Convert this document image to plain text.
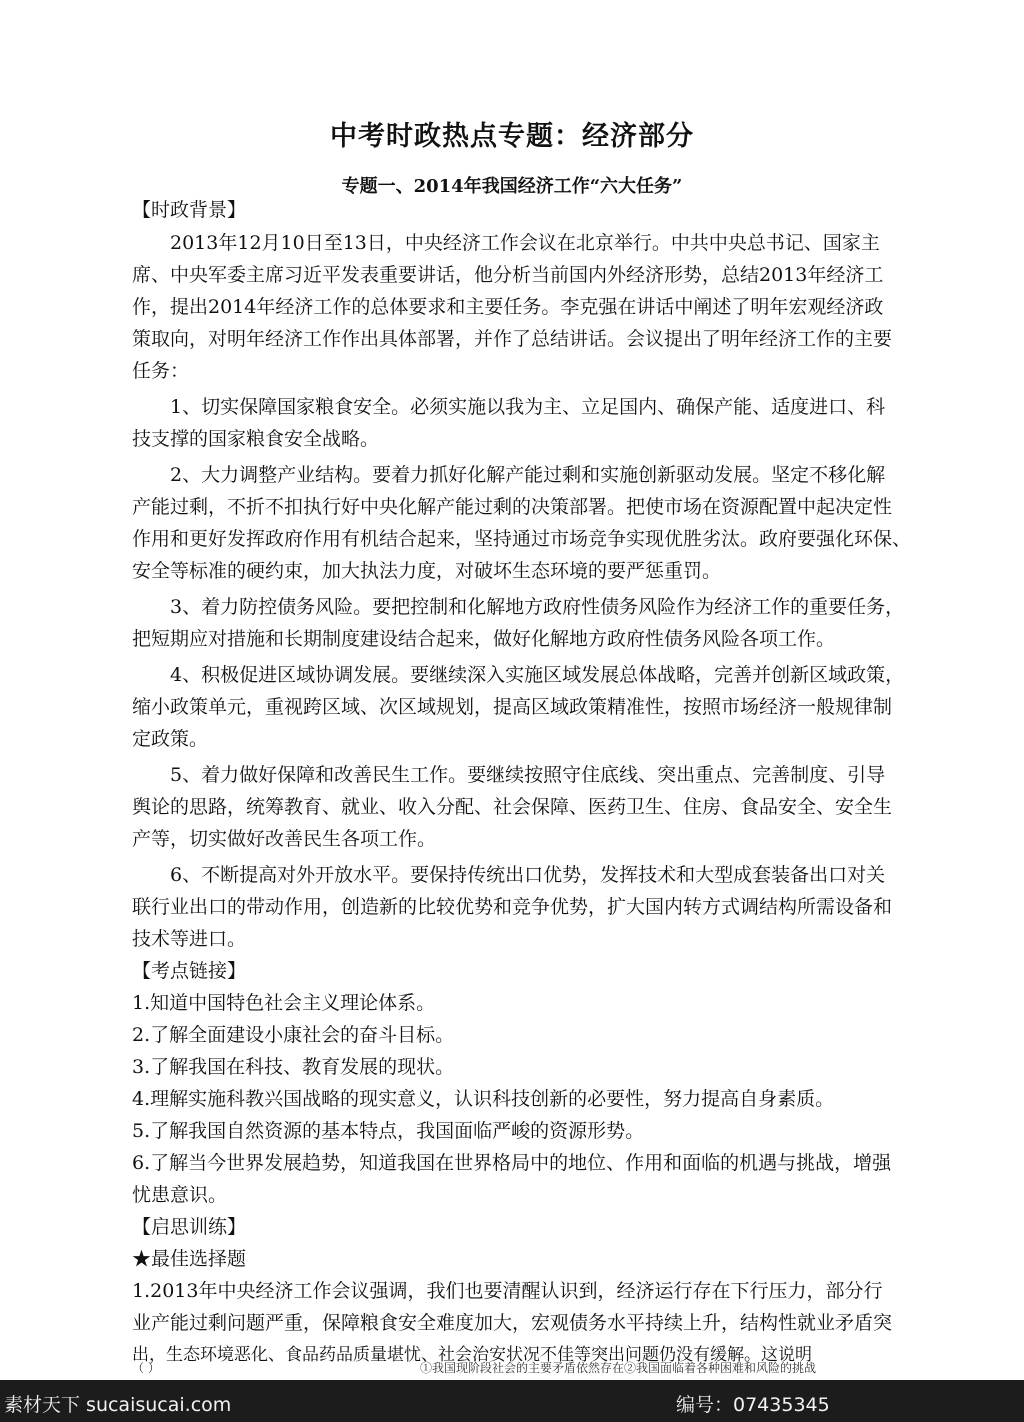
中考时政热点专题：经济部分
专题一、2014年我国经济工作“六大任务”
【时政背景】
2013年12月10日至13日，中央经济工作会议在北京举行。中共中央总书记、国家主
席、中央军委主席习近平发表重要讲话，他分析当前国内外经济形势，总结2013年经济工
作，提出2014年经济工作的总体要求和主要任务。李克强在讲话中阐述了明年宏观经济政
策取向，对明年经济工作作出具体部署，并作了总结讲话。会议提出了明年经济工作的主要
任务：
1、切实保障国家粮食安全。必须实施以我为主、立足国内、确保产能、适度进口、科
技支撑的国家粮食安全战略。
2、大力调整产业结构。要着力抓好化解产能过剩和实施创新驱动发展。坚定不移化解
产能过剩，不折不扣执行好中央化解产能过剩的决策部署。把使市场在资源配置中起决定性
作用和更好发挥政府作用有机结合起来，坚持通过市场竞争实现优胜劣汰。政府要强化环保、
安全等标准的硬约束，加大执法力度，对破坏生态环境的要严惩重罚。
3、着力防控债务风险。要把控制和化解地方政府性债务风险作为经济工作的重要任务，
把短期应对措施和长期制度建设结合起来，做好化解地方政府性债务风险各项工作。
4、积极促进区域协调发展。要继续深入实施区域发展总体战略，完善并创新区域政策，
缩小政策单元，重视跨区域、次区域规划，提高区域政策精准性，按照市场经济一般规律制
定政策。
5、着力做好保障和改善民生工作。要继续按照守住底线、突出重点、完善制度、引导
舆论的思路，统筹教育、就业、收入分配、社会保障、医药卫生、住房、食品安全、安全生
产等，切实做好改善民生各项工作。
6、不断提高对外开放水平。要保持传统出口优势，发挥技术和大型成套装备出口对关
联行业出口的带动作用，创造新的比较优势和竞争优势，扩大国内转方式调结构所需设备和
技术等进口。
【考点链接】
1.知道中国特色社会主义理论体系。
2.了解全面建设小康社会的奋斗目标。
3.了解我国在科技、教育发展的现状。
4.理解实施科教兴国战略的现实意义，认识科技创新的必要性，努力提高自身素质。
5.了解我国自然资源的基本特点，我国面临严峻的资源形势。
6.了解当今世界发展趋势，知道我国在世界格局中的地位、作用和面临的机遇与挑战，增强
忧患意识。
【启思训练】
★最佳选择题
1.2013年中央经济工作会议强调，我们也要清醒认识到，经济运行存在下行压力，部分行
业产能过剩问题严重，保障粮食安全难度加大，宏观债务水平持续上升，结构性就业矛盾突
出，生态环境恶化、食品药品质量堪忧、社会治安状况不佳等突出问题仍没有缓解。这说明
（ ）	①我国现阶段社会的主要矛盾依然存在②我国面临着各种困难和风险的挑战
素材天下 sucaisucai.com	编号：07435345
